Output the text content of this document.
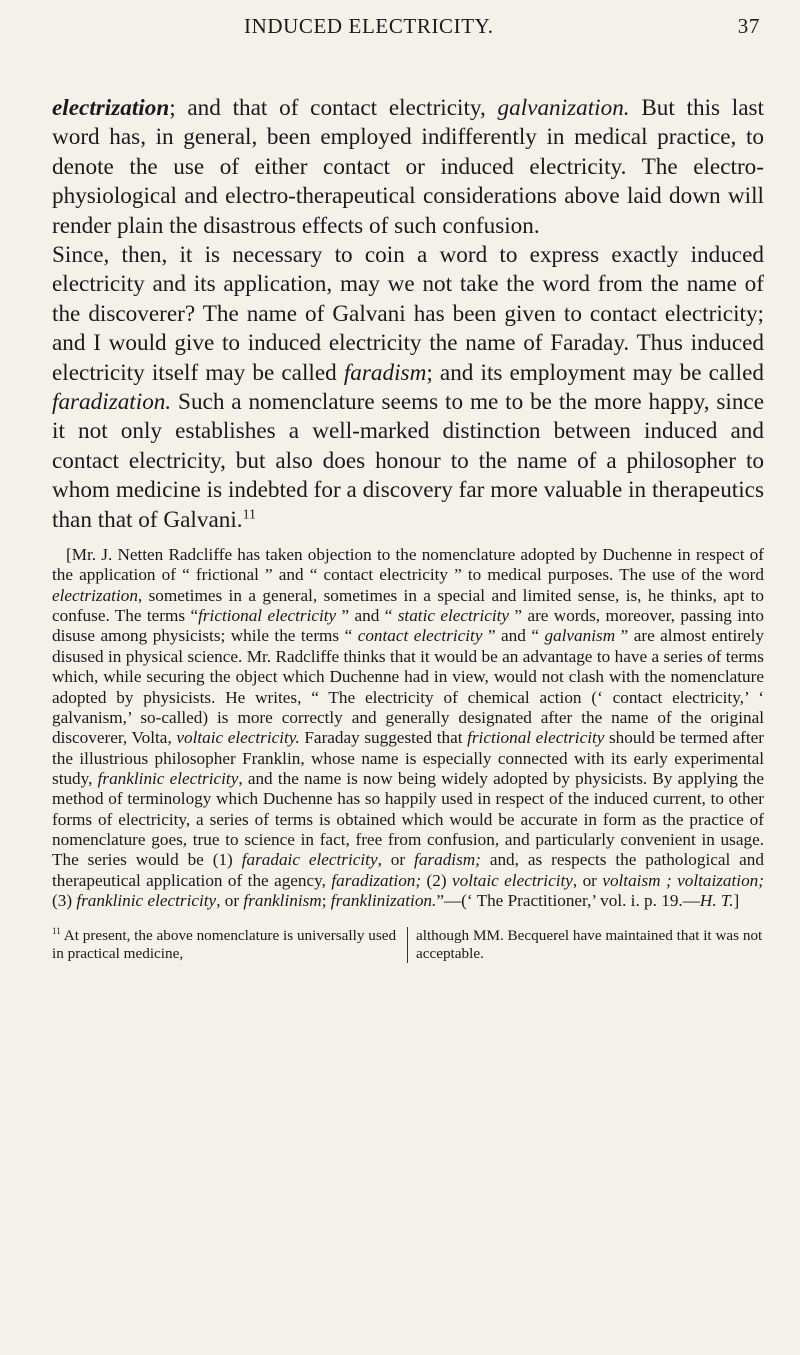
INDUCED ELECTRICITY.	37

electrization; and that of contact electricity, galvanization. But this last word has, in general, been employed indifferently in medical practice, to denote the use of either contact or induced electricity. The electro-physiological and electro-therapeutical considerations above laid down will render plain the disastrous effects of such confusion.

Since, then, it is necessary to coin a word to express exactly induced electricity and its application, may we not take the word from the name of the discoverer? The name of Galvani has been given to contact electricity; and I would give to induced electricity the name of Faraday. Thus induced electricity itself may be called faradism; and its employment may be called faradization. Such a nomenclature seems to me to be the more happy, since it not only establishes a well-marked distinction between induced and contact electricity, but also does honour to the name of a philosopher to whom medicine is indebted for a discovery far more valuable in therapeutics than that of Galvani.$^{11}$

[Mr. J. Netten Radcliffe has taken objection to the nomenclature adopted by Duchenne in respect of the application of “ frictional ” and “ contact electricity ” to medical purposes. The use of the word electrization, sometimes in a general, sometimes in a special and limited sense, is, he thinks, apt to confuse. The terms “frictional electricity ” and “ static electricity ” are words, moreover, passing into disuse among physicists; while the terms “ contact electricity ” and “ galvanism ” are almost entirely disused in physical science. Mr. Radcliffe thinks that it would be an advantage to have a series of terms which, while securing the object which Duchenne had in view, would not clash with the nomenclature adopted by physicists. He writes, “ The electricity of chemical action (‘ contact electricity,’ ‘ galvanism,’ so-called) is more correctly and generally designated after the name of the original discoverer, Volta, voltaic electricity. Faraday suggested that frictional electricity should be termed after the illustrious philosopher Franklin, whose name is especially connected with its early experimental study, franklinic electricity, and the name is now being widely adopted by physicists. By applying the method of terminology which Duchenne has so happily used in respect of the induced current, to other forms of electricity, a series of terms is obtained which would be accurate in form as the practice of nomenclature goes, true to science in fact, free from confusion, and particularly convenient in usage. The series would be (1) faradaic electricity, or faradism; and, as respects the pathological and therapeutical application of the agency, faradization; (2) voltaic electricity, or voltaism ; voltaization; (3) franklinic electricity, or franklinism; franklinization.”—(‘ The Practitioner,’ vol. i. p. 19.—H. T.]

$^{11}$ At present, the above nomenclature is universally used in practical medicine,
although MM. Becquerel have maintained that it was not acceptable.
